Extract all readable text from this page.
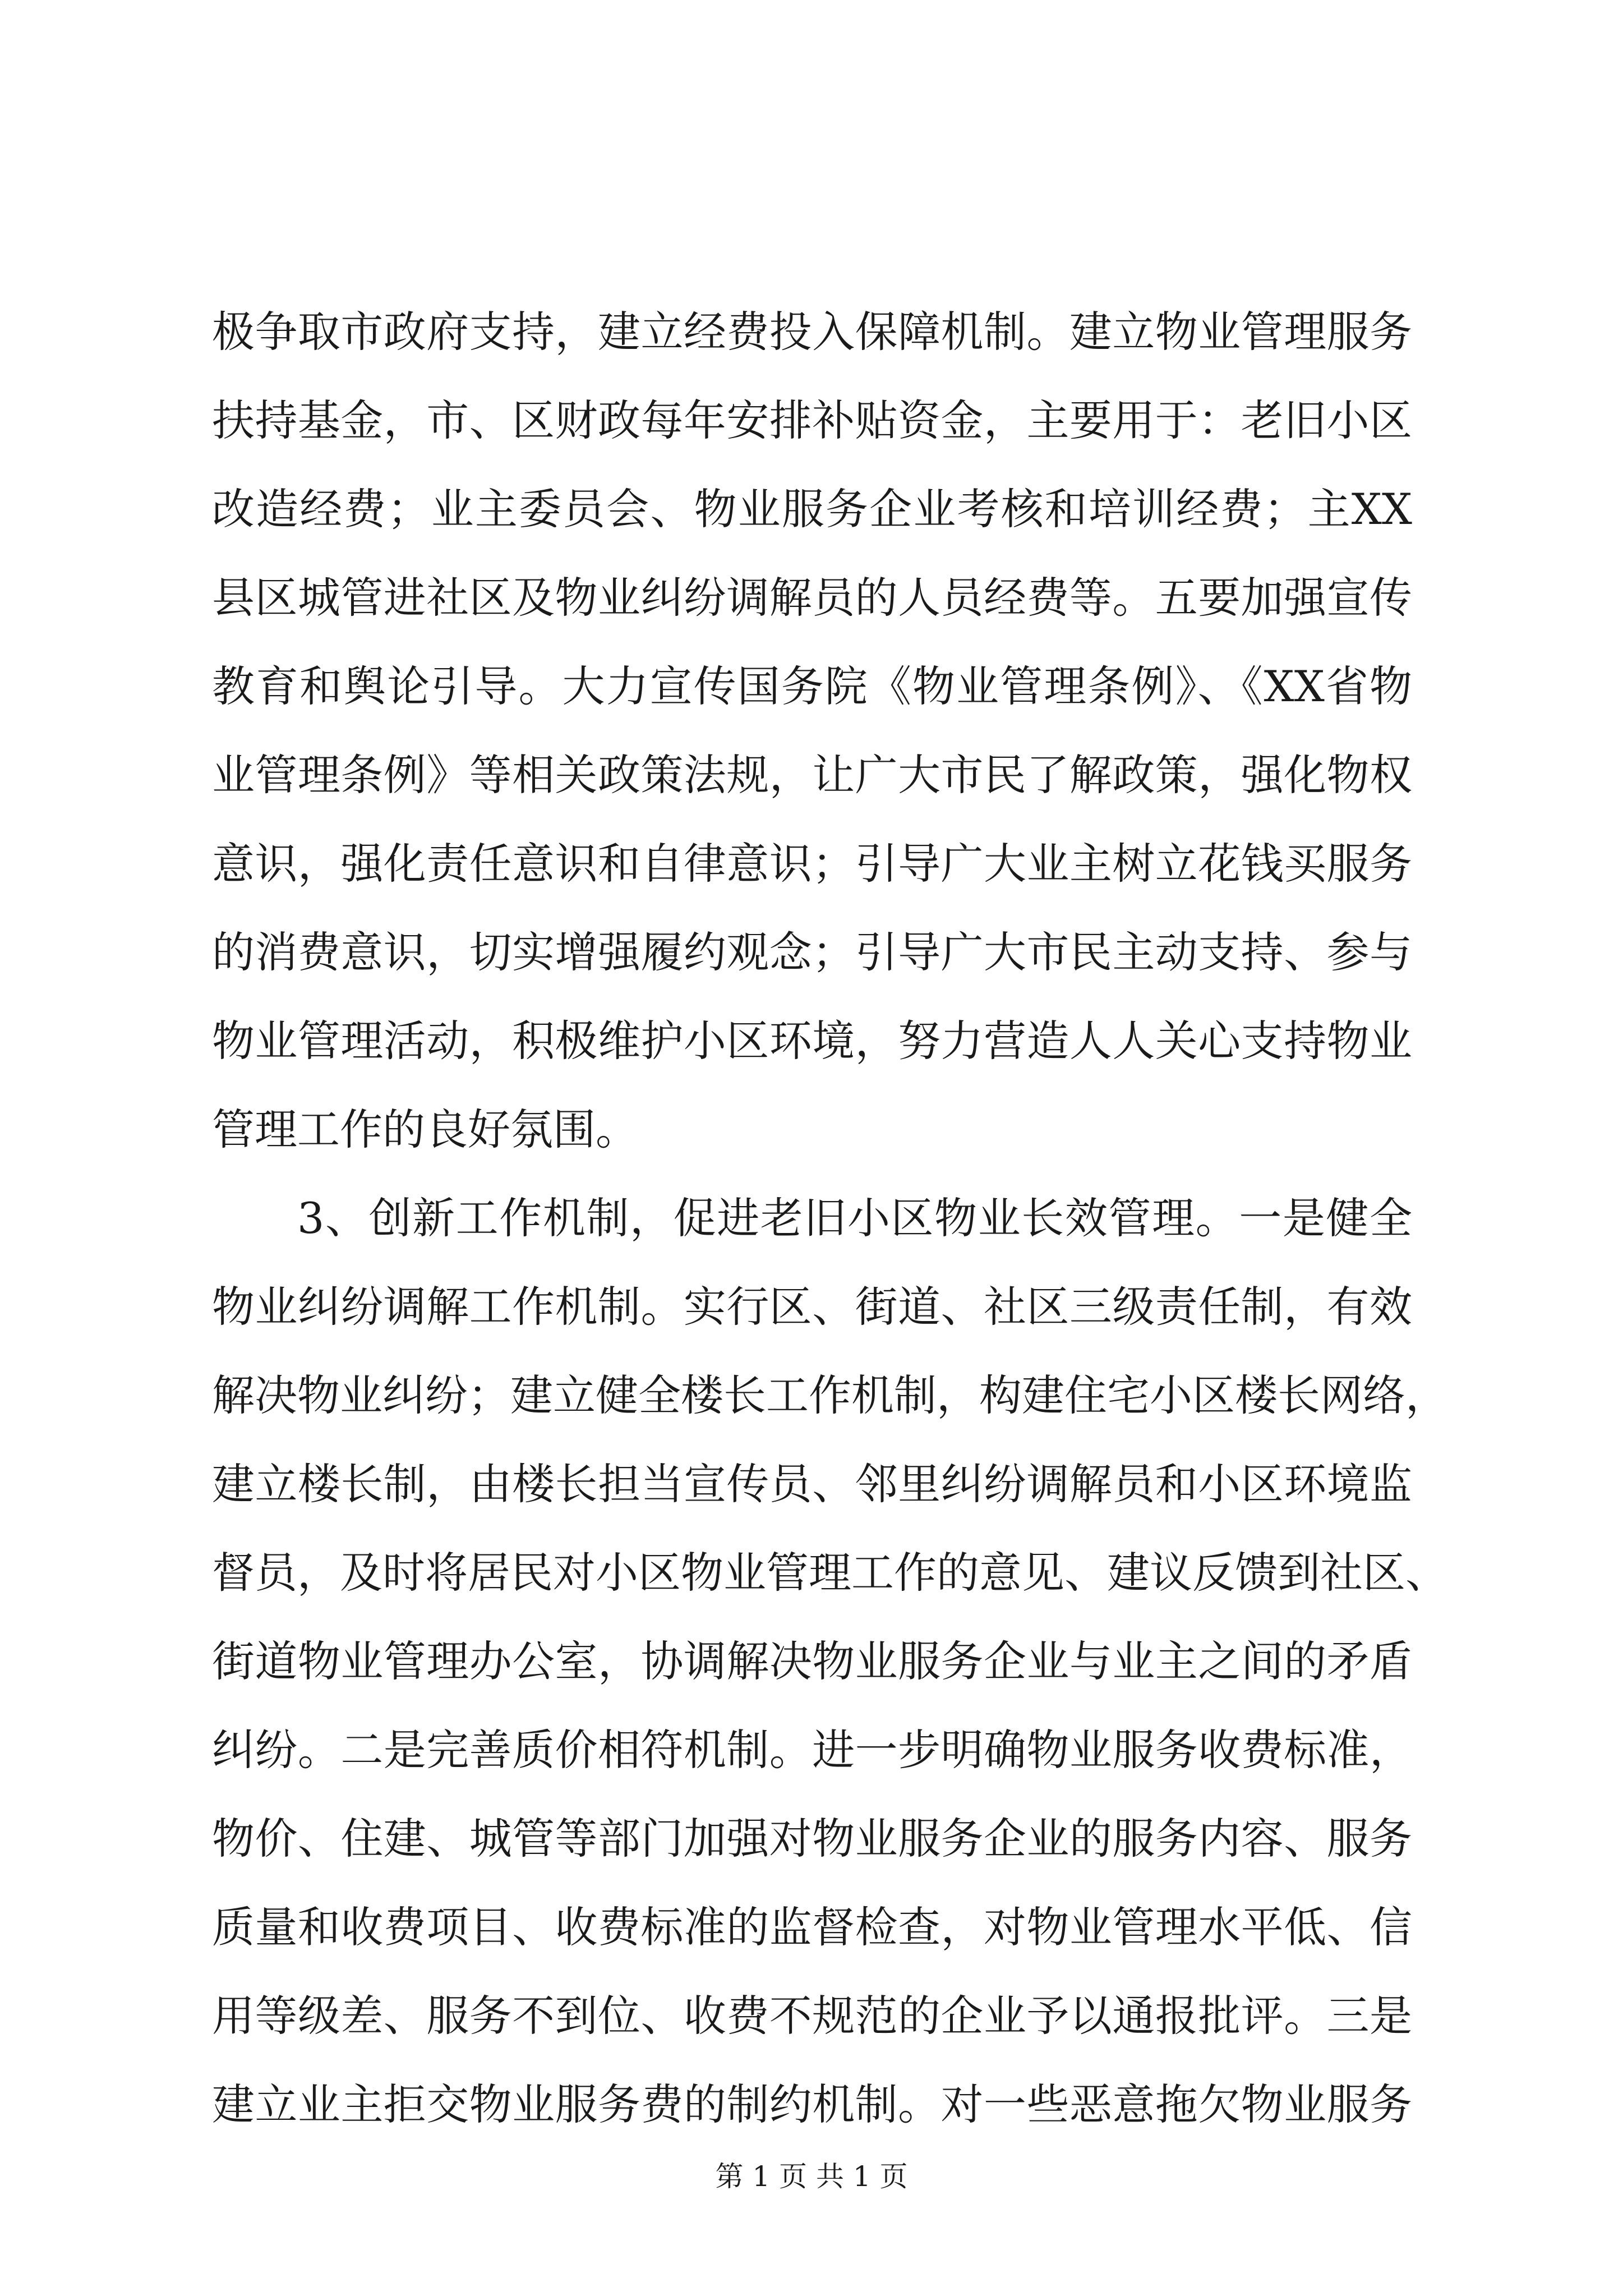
极争取市政府支持，建立经费投入保障机制。建立物业管理服务
扶持基金，市、区财政每年安排补贴资金，主要用于：老旧小区
改造经费；业主委员会、物业服务企业考核和培训经费；主XX
县区城管进社区及物业纠纷调解员的人员经费等。五要加强宣传
教育和舆论引导。大力宣传国务院《物业管理条例》、《XX省物
业管理条例》等相关政策法规，让广大市民了解政策，强化物权
意识，强化责任意识和自律意识；引导广大业主树立花钱买服务
的消费意识，切实增强履约观念；引导广大市民主动支持、参与
物业管理活动，积极维护小区环境，努力营造人人关心支持物业
管理工作的良好氛围。
3、创新工作机制，促进老旧小区物业长效管理。一是健全
物业纠纷调解工作机制。实行区、街道、社区三级责任制，有效
解决物业纠纷；建立健全楼长工作机制，构建住宅小区楼长网络，
建立楼长制，由楼长担当宣传员、邻里纠纷调解员和小区环境监
督员，及时将居民对小区物业管理工作的意见、建议反馈到社区、
街道物业管理办公室，协调解决物业服务企业与业主之间的矛盾
纠纷。二是完善质价相符机制。进一步明确物业服务收费标准，
物价、住建、城管等部门加强对物业服务企业的服务内容、服务
质量和收费项目、收费标准的监督检查，对物业管理水平低、信
用等级差、服务不到位、收费不规范的企业予以通报批评。三是
建立业主拒交物业服务费的制约机制。对一些恶意拖欠物业服务
第 1 页 共 1 页
